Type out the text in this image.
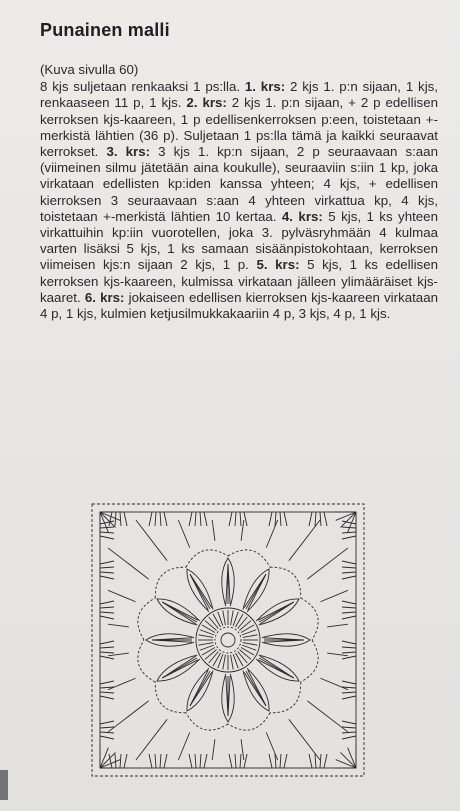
Punainen malli
(Kuva sivulla 60)
8 kjs suljetaan renkaaksi 1 ps:lla. 1. krs: 2 kjs 1. p:n sijaan, 1 kjs, renkaaseen 11 p, 1 kjs. 2. krs: 2 kjs 1. p:n sijaan, + 2 p edellisen kerroksen kjs-kaareen, 1 p edellisenkerroksen p:een, toistetaan +-merkistä lähtien (36 p). Suljetaan 1 ps:lla tämä ja kaikki seuraavat kerrokset. 3. krs: 3 kjs 1. kp:n sijaan, 2 p seuraavaan s:aan (viimeinen silmu jätetään aina koukulle), seuraaviin s:iin 1 kp, joka virkataan edellisten kp:iden kanssa yhteen; 4 kjs, + edellisen kierroksen 3 seuraavaan s:aan 4 yhteen virkattua kp, 4 kjs, toistetaan +-merkistä lähtien 10 kertaa. 4. krs: 5 kjs, 1 ks yhteen virkattuihin kp:iin vuorotellen, joka 3. pylväsryhmään 4 kulmaa varten lisäksi 5 kjs, 1 ks samaan sisäänpistokohtaan, kerroksen viimeisen kjs:n sijaan 2 kjs, 1 p. 5. krs: 5 kjs, 1 ks edellisen kerroksen kjs-kaareen, kulmissa virkataan jälleen ylimääräiset kjs-kaaret. 6. krs: jokaiseen edellisen kierroksen kjs-kaareen virkataan 4 p, 1 kjs, kulmien ketjusilmukkakaariin 4 p, 3 kjs, 4 p, 1 kjs.
